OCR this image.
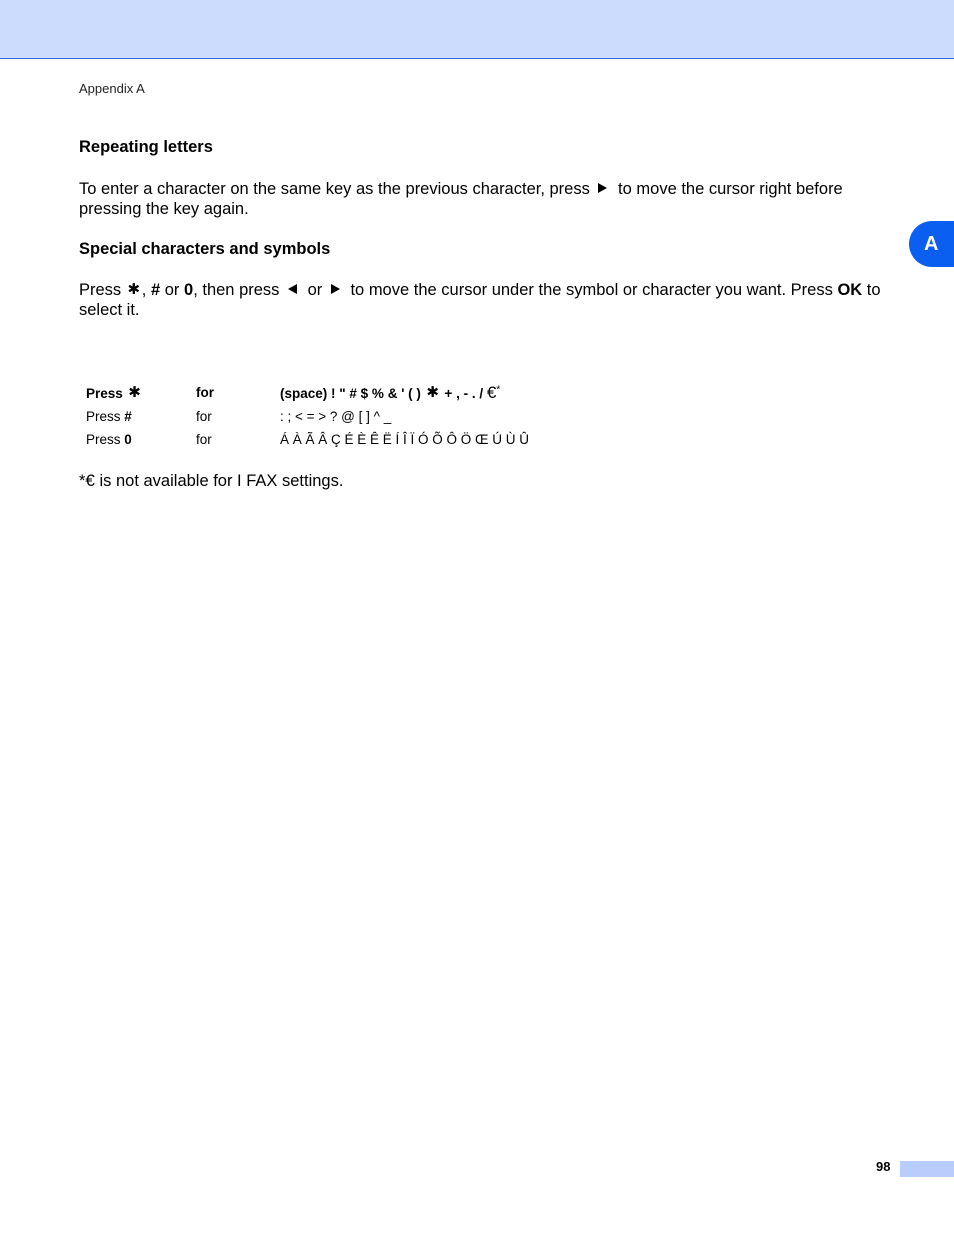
Appendix A
A
Repeating letters

To enter a character on the same key as the previous character, press to move the cursor right before pressing the key again.

Special characters and symbols

Press ✱ , # or 0, then press or to move the cursor under the symbol or character you want. Press OK to select it.

Press ✱	for	(space) ! " # $ % & ' ( ) ✱ + , - . / €*
Press #	for	: ; < = > ? @ [ ] ^ _
Press 0	for	Á À Ã Â Ç É È Ê Ë Í Î Ï Ó Õ Ô Ö Œ Ú Ù Û
*€ is not available for I FAX settings.
98
